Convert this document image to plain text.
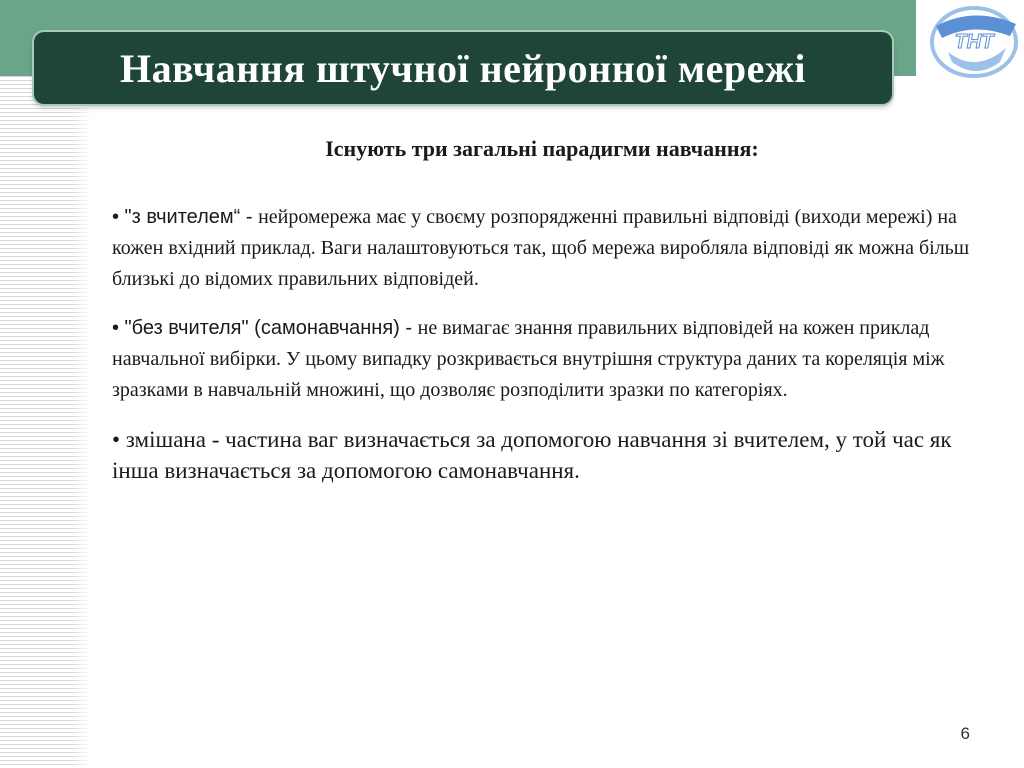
ТНТ
Навчання штучної нейронної мережі
Існують три загальні парадигми навчання:

• "з вчителем“ - нейромережа має у своєму розпорядженні правильні відповіді (виходи мережі) на кожен вхідний приклад. Ваги налаштовуються так, щоб мережа виробляла відповіді як можна більш близькі до відомих правильних відповідей.

• "без вчителя" (самонавчання) - не вимагає знання правильних відповідей на кожен приклад навчальної вибірки. У цьому випадку розкривається внутрішня структура даних та кореляція між зразками в навчальній множині, що дозволяє розподілити зразки по категоріях.

• змішана - частина ваг визначається за допомогою навчання зі вчителем, у той час як інша визначається за допомогою самонавчання.

6
